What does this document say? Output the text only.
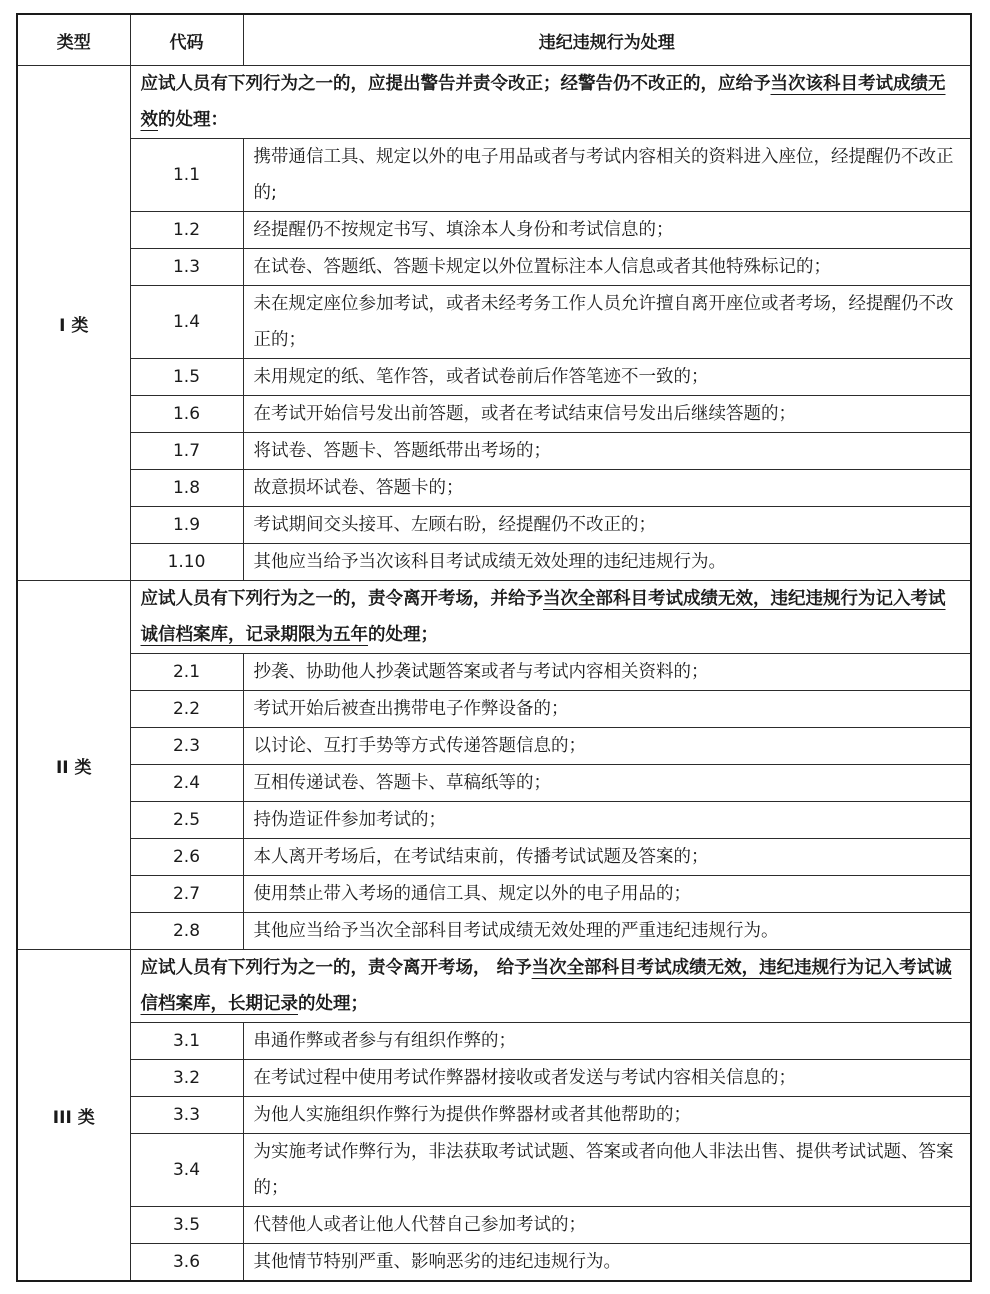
类型	代码	违纪违规行为处理
I 类	应试人员有下列行为之一的，应提出警告并责令改正；经警告仍不改正的，应给予当次该科目考试成绩无效的处理：	
	1.1	携带通信工具、规定以外的电子用品或者与考试内容相关的资料进入座位，经提醒仍不改正的;
	1.2	经提醒仍不按规定书写、填涂本人身份和考试信息的；
	1.3	在试卷、答题纸、答题卡规定以外位置标注本人信息或者其他特殊标记的；
	1.4	未在规定座位参加考试，或者未经考务工作人员允许擅自离开座位或者考场，经提醒仍不改正的；
	1.5	未用规定的纸、笔作答，或者试卷前后作答笔迹不一致的；
	1.6	在考试开始信号发出前答题，或者在考试结束信号发出后继续答题的；
	1.7	将试卷、答题卡、答题纸带出考场的；
	1.8	故意损坏试卷、答题卡的；
	1.9	考试期间交头接耳、左顾右盼，经提醒仍不改正的；
	1.10	其他应当给予当次该科目考试成绩无效处理的违纪违规行为。
II 类	应试人员有下列行为之一的，责令离开考场，并给予当次全部科目考试成绩无效，违纪违规行为记入考试诚信档案库，记录期限为五年的处理；	
	2.1	抄袭、协助他人抄袭试题答案或者与考试内容相关资料的；
	2.2	考试开始后被查出携带电子作弊设备的；
	2.3	以讨论、互打手势等方式传递答题信息的；
	2.4	互相传递试卷、答题卡、草稿纸等的；
	2.5	持伪造证件参加考试的；
	2.6	本人离开考场后，在考试结束前，传播考试试题及答案的；
	2.7	使用禁止带入考场的通信工具、规定以外的电子用品的；
	2.8	其他应当给予当次全部科目考试成绩无效处理的严重违纪违规行为。
III 类	应试人员有下列行为之一的，责令离开考场， 给予当次全部科目考试成绩无效，违纪违规行为记入考试诚信档案库，长期记录的处理；	
	3.1	串通作弊或者参与有组织作弊的；
	3.2	在考试过程中使用考试作弊器材接收或者发送与考试内容相关信息的；
	3.3	为他人实施组织作弊行为提供作弊器材或者其他帮助的；
	3.4	为实施考试作弊行为，非法获取考试试题、答案或者向他人非法出售、提供考试试题、答案的；
	3.5	代替他人或者让他人代替自己参加考试的；
	3.6	其他情节特别严重、影响恶劣的违纪违规行为。
